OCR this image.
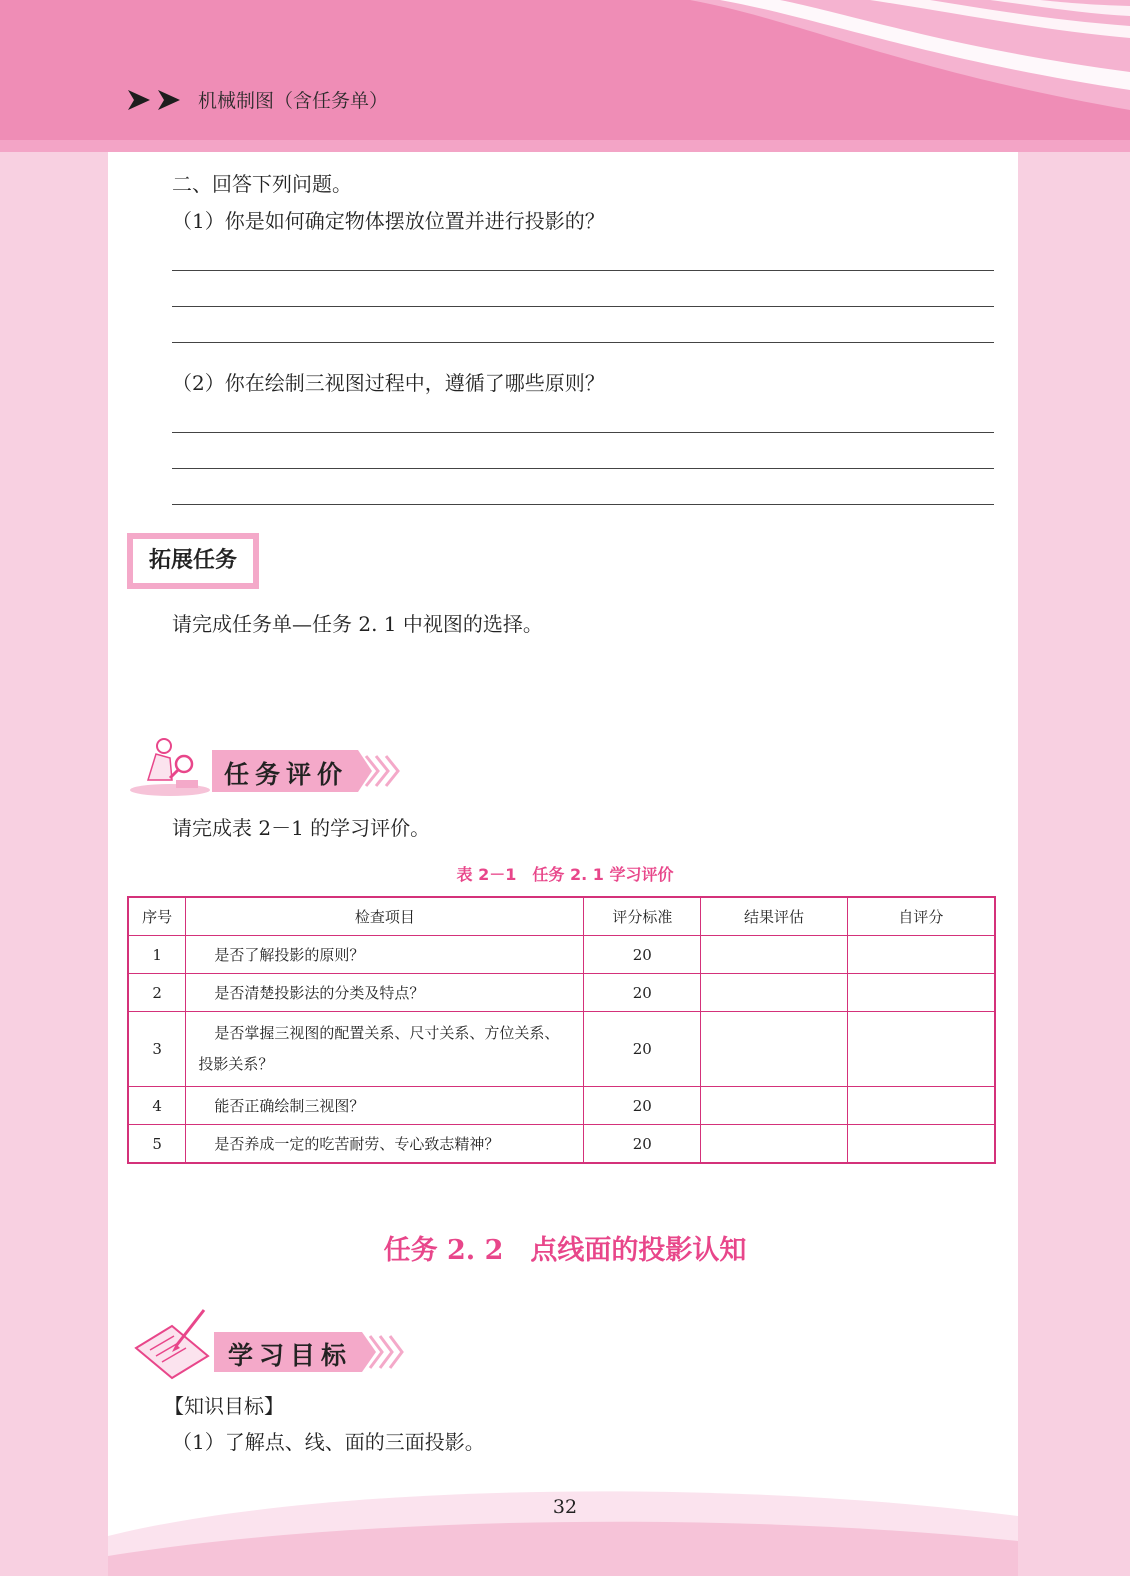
机械制图（含任务单）
二、回答下列问题。
（1）你是如何确定物体摆放位置并进行投影的？
（2）你在绘制三视图过程中，遵循了哪些原则？
拓展任务
请完成任务单—任务 2. 1 中视图的选择。
任务评价
请完成表 2－1 的学习评价。
表 2－1　任务 2. 1 学习评价
序号	检查项目	评分标准	结果评估	自评分
1	是否了解投影的原则？	20		
2	是否清楚投影法的分类及特点？	20		
3	是否掌握三视图的配置关系、尺寸关系、方位关系、投影关系？	20		
4	能否正确绘制三视图？	20		
5	是否养成一定的吃苦耐劳、专心致志精神？	20		
任务 2. 2　点线面的投影认知
学习目标
【知识目标】
（1）了解点、线、面的三面投影。
32
